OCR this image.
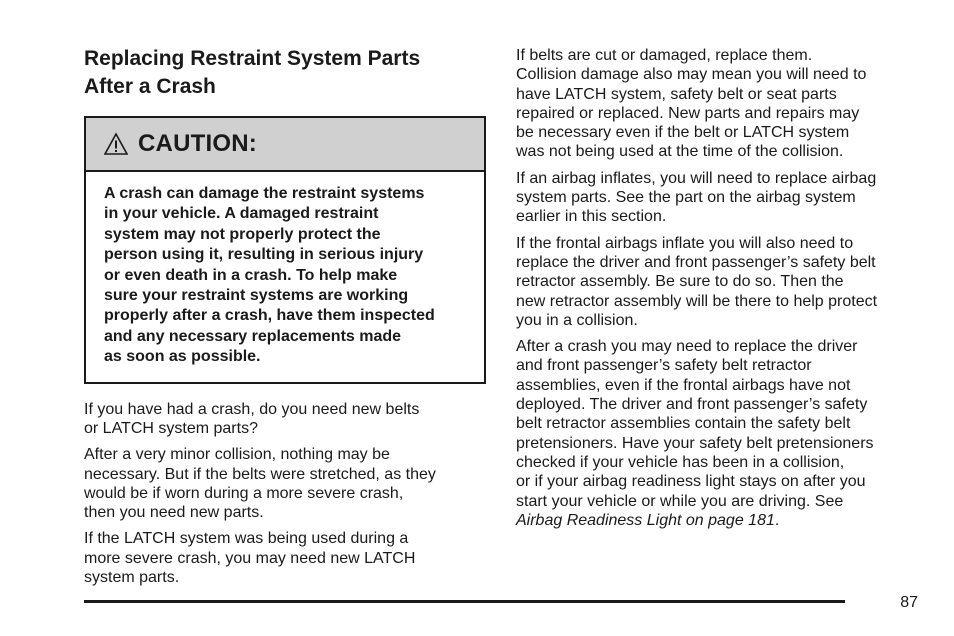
Replacing Restraint System Parts
After a Crash
CAUTION:
A crash can damage the restraint systems
in your vehicle. A damaged restraint
system may not properly protect the
person using it, resulting in serious injury
or even death in a crash. To help make
sure your restraint systems are working
properly after a crash, have them inspected
and any necessary replacements made
as soon as possible.

If you have had a crash, do you need new belts
or LATCH system parts?

After a very minor collision, nothing may be
necessary. But if the belts were stretched, as they
would be if worn during a more severe crash,
then you need new parts.

If the LATCH system was being used during a
more severe crash, you may need new LATCH
system parts.

If belts are cut or damaged, replace them.
Collision damage also may mean you will need to
have LATCH system, safety belt or seat parts
repaired or replaced. New parts and repairs may
be necessary even if the belt or LATCH system
was not being used at the time of the collision.

If an airbag inflates, you will need to replace airbag
system parts. See the part on the airbag system
earlier in this section.

If the frontal airbags inflate you will also need to
replace the driver and front passenger’s safety belt
retractor assembly. Be sure to do so. Then the
new retractor assembly will be there to help protect
you in a collision.

After a crash you may need to replace the driver
and front passenger’s safety belt retractor
assemblies, even if the frontal airbags have not
deployed. The driver and front passenger’s safety
belt retractor assemblies contain the safety belt
pretensioners. Have your safety belt pretensioners
checked if your vehicle has been in a collision,
or if your airbag readiness light stays on after you
start your vehicle or while you are driving. See
Airbag Readiness Light on page 181.

87
